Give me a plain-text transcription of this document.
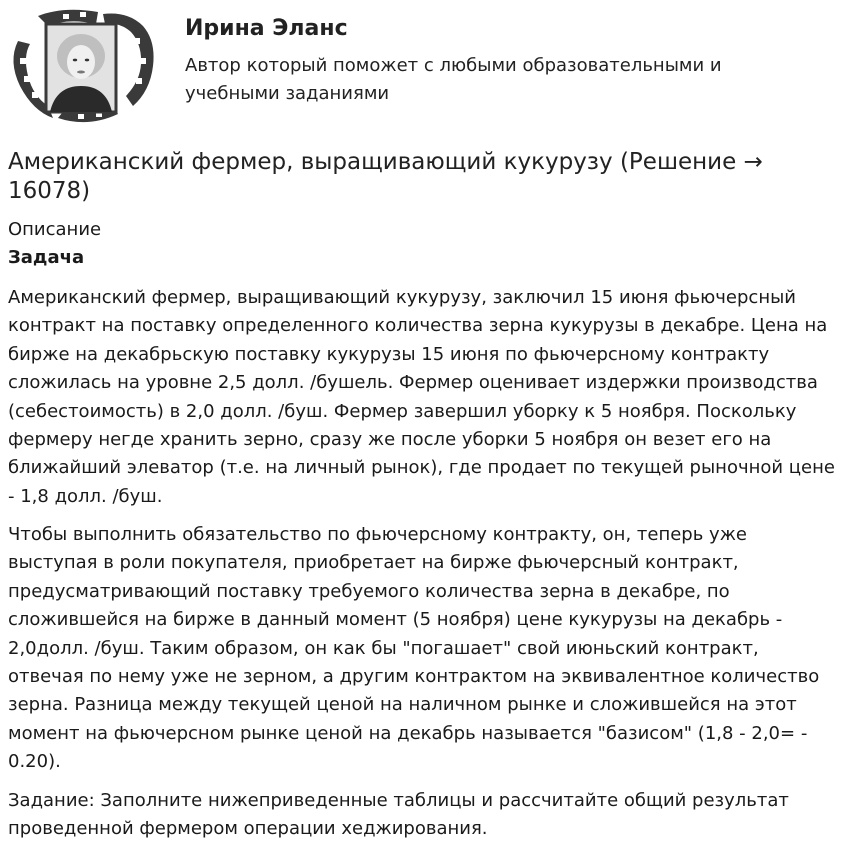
Ирина Эланс

Автор который поможет с любыми образовательными и учебными заданиями

Американский фермер, выращивающий кукурузу (Решение → 16078)
Описание
Задача

Американский фермер, выращивающий кукурузу, заключил 15 июня фьючерсный контракт на поставку определенного количества зерна кукурузы в декабре. Цена на бирже на декабрьскую поставку кукурузы 15 июня по фьючерсному контракту сложилась на уровне 2,5 долл. /бушель. Фермер оценивает издержки производства (себестоимость) в 2,0 долл. /буш. Фермер завершил уборку к 5 ноября. Поскольку фермеру негде хранить зерно, сразу же после уборки 5 ноября он везет его на ближайший элеватор (т.е. на личный рынок), где продает по текущей рыночной цене - 1,8 долл. /буш.

Чтобы выполнить обязательство по фьючерсному контракту, он, теперь уже выступая в роли покупателя, приобретает на бирже фьючерсный контракт, предусматривающий поставку требуемого количества зерна в декабре, по сложившейся на бирже в данный момент (5 ноября) цене кукурузы на декабрь - 2,0долл. /буш. Таким образом, он как бы "погашает" свой июньский контракт, отвечая по нему уже не зерном, а другим контрактом на эквивалентное количество зерна. Разница между текущей ценой на наличном рынке и сложившейся на этот момент на фьючерсном рынке ценой на декабрь называется "базисом" (1,8 - 2,0= - 0.20).

Задание: Заполните нижеприведенные таблицы и рассчитайте общий результат проведенной фермером операции хеджирования.
